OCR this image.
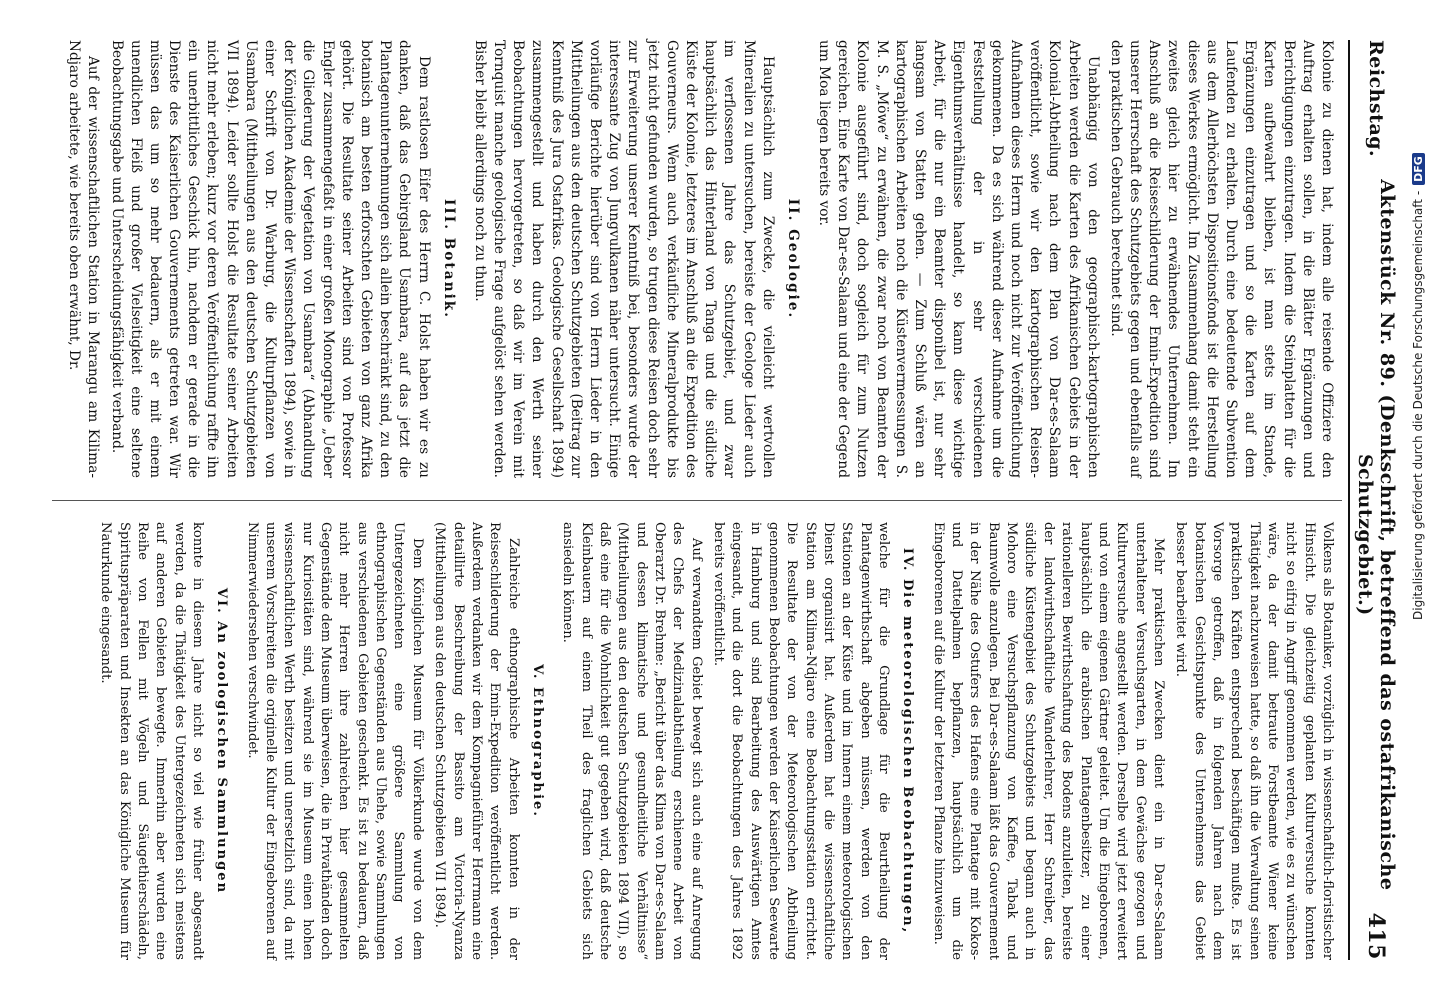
Reichstag.
Aktenstück Nr. 89. (Denkschrift, betreffend das ostafrikanische Schutzgebiet.)
415

Kolonie zu dienen hat, indem alle reisende Offiziere den Auftrag erhalten sollen, in die Blätter Ergänzungen und Berichtigungen einzutragen. Indem die Steinplatten für die Karten aufbewahrt bleiben, ist man stets im Stande, Ergänzungen einzutragen und so die Karten auf dem Laufenden zu erhalten. Durch eine bedeutende Subvention aus dem Allerhöchsten Dispositionsfonds ist die Herstellung dieses Werkes ermöglicht. Im Zusammenhang damit steht ein zweites gleich hier zu erwähnendes Unternehmen. Im Anschluß an die Reiseschilderung der Emin-Expedition sind unserer Herrschaft des Schutzgebiets gegen und ebenfalls auf den praktischen Gebrauch berechnet sind.

Unabhängig von den geographisch-kartographischen Arbeiten werden die Karten des Afrikanischen Gebiets in der Kolonial-Abtheilung nach dem Plan von Dar-es-Salaam veröffentlicht, sowie wir den kartographischen Reisen-Aufnahmen dieses Herrn und noch nicht zur Veröffentlichung gekommenen. Da es sich während dieser Aufnahme um die Feststellung der in sehr verschiedenen Eigenthumsverhältnisse handelt, so kann diese wichtige Arbeit, für die nur ein Beamter disponibel ist, nur sehr langsam von Statten gehen. — Zum Schluß wären an kartographischen Arbeiten noch die Küstenvermessungen S. M. S. „Möwe“ zu erwähnen, die zwar noch von Beamten der Kolonie ausgeführt sind, doch sogleich für zum Nutzen gereichen. Eine Karte von Dar-es-Salaam und eine der Gegend um Moa liegen bereits vor.

II. Geologie.

Hauptsächlich zum Zwecke, die vielleicht wertvollen Mineralien zu untersuchen, bereiste der Geologe Lieder auch im verflossenen Jahre das Schutzgebiet, und zwar hauptsächlich das Hinterland von Tanga und die südliche Küste der Kolonie, letzteres im Anschluß an die Expedition des Gouverneurs. Wenn auch verkäufliche Mineralprodukte bis jetzt nicht gefunden wurden, so trugen diese Reisen doch sehr zur Erweiterung unserer Kenntniß bei, besonders wurde der interessante Zug von Jungvulkanen näher untersucht. Einige vorläufige Berichte hierüber sind von Herrn Lieder in den Mittheilungen aus den deutschen Schutzgebieten (Beitrag zur Kenntniß des Jura Ostafrikas. Geologische Gesellschaft 1894) zusammengestellt und haben durch den Werth seiner Beobachtungen hervorgetreten, so daß wir im Verein mit Tornquist manche geologische Frage aufgelöst sehen werden. Bisher bleibt allerdings noch zu thun.

III. Botanik.

Dem rastlosen Eifer des Herrn C. Holst haben wir es zu danken, daß das Gebirgsland Usambara, auf das jetzt die Plantagenunternehmungen sich allein beschränkt sind, zu den botanisch am besten erforschten Gebieten von ganz Afrika gehört. Die Resultate seiner Arbeiten sind von Professor Engler zusammengefaßt in einer großen Monographie „Ueber die Gliederung der Vegetation von Usambara“ (Abhandlung der Königlichen Akademie der Wissenschaften 1894), sowie in einer Schrift von Dr. Warburg, die Kulturpflanzen von Usambara (Mittheilungen aus den deutschen Schutzgebieten VII 1894). Leider sollte Holst die Resultate seiner Arbeiten nicht mehr erleben; kurz vor deren Veröffentlichung raffte ihn ein unerbittliches Geschick hin, nachdem er gerade in die Dienste des Kaiserlichen Gouvernements getreten war. Wir müssen das um so mehr bedauern, als er mit einem unendlichen Fleiß und großer Vielseitigkeit eine seltene Beobachtungsgabe und Unterscheidungsfähigkeit verband.

Auf der wissenschaftlichen Station in Marangu am Kilima-Ndjaro arbeitete, wie bereits oben erwähnt, Dr.

Volkens als Botaniker, vorzüglich in wissenschaftlich-floristischer Hinsicht. Die gleichzeitig geplanten Kulturversuche konnten nicht so eifrig in Angriff genommen werden, wie es zu wünschen wäre, da der damit betraute Forstbeamte Wiener keine Thätigkeit nachzuweisen hatte, so daß ihn die Verwaltung seinen praktischen Kräften entsprechend beschäftigen mußte. Es ist Vorsorge getroffen, daß in folgenden Jahren nach dem botanischen Gesichtspunkte des Unternehmens das Gebiet besser bearbeitet wird.

Mehr praktischen Zwecken dient ein in Dar-es-Salaam unterhaltener Versuchsgarten, in dem Gewächse gezogen und Kulturversuche angestellt werden. Derselbe wird jetzt erweitert und von einem eigenen Gärtner geleitet. Um die Eingeborenen, hauptsächlich die arabischen Plantagenbesitzer, zu einer rationelleren Bewirthschaftung des Bodens anzuleiten, bereiste der landwirthschaftliche Wanderlehrer, Herr Schreiber, das südliche Küstengebiet des Schutzgebiets und begann auch in Mohoro eine Versuchspflanzung von Kaffee, Tabak und Baumwolle anzulegen. Bei Dar-es-Salaam läßt das Gouvernement in der Nähe des Ostufers des Hafens eine Plantage mit Kokos- und Dattelpalmen bepflanzen, hauptsächlich um die Eingeborenen auf die Kultur der letzteren Pflanze hinzuweisen.

IV. Die meteorologischen Beobachtungen,

welche für die Grundlage für die Beurtheilung der Plantagenwirthschaft abgeben müssen, werden von den Stationen an der Küste und im Innern einem meteorologischen Dienst organisirt hat. Außerdem hat die wissenschaftliche Station am Kilima-Ndjaro eine Beobachtungsstation errichtet. Die Resultate der von der Meteorologischen Abtheilung genommenen Beobachtungen werden der Kaiserlichen Seewarte in Hamburg und sind Bearbeitung des Auswärtigen Amtes eingesandt, und die dort die Beobachtungen des Jahres 1892 bereits veröffentlicht.

Auf verwandtem Gebiet bewegt sich auch eine auf Anregung des Chefs der Medizinalabtheilung erschienene Arbeit von Oberarzt Dr. Brehme: „Bericht über das Klima von Dar-es-Salaam und dessen klimatische und gesundheitliche Verhältnisse“ (Mittheilungen aus den deutschen Schutzgebieten 1894 VII), so daß eine für die Wohnlichkeit gut gegeben wird, daß deutsche Kleinbauern auf einem Theil des fraglichen Gebiets sich ansiedeln können.

V. Ethnographie.

Zahlreiche ethnographische Arbeiten konnten in der Reiseschilderung der Emin-Expedition veröffentlicht werden. Außerdem verdanken wir dem Kompagnieführer Herrmann eine detaillirte Beschreibung der Bassito am Victoria-Nyanza (Mittheilungen aus den deutschen Schutzgebieten VII 1894).

Dem Königlichen Museum für Völkerkunde wurde von dem Untergezeichneten eine größere Sammlung von ethnographischen Gegenständen aus Uhehe, sowie Sammlungen aus verschiedenen Gebieten geschenkt. Es ist zu bedauern, daß nicht mehr Herren ihre zahlreichen hier gesammelten Gegenstände dem Museum überweisen, die in Privathänden doch nur Kuriositäten sind, während sie im Museum einen hohen wissenschaftlichen Werth besitzen und unersetzlich sind, da mit unserem Vorschreiten die originelle Kultur der Eingeborenen auf Nimmerwiedersehen verschwindet.

VI. An zoologischen Sammlungen

konnte in diesem Jahre nicht so viel wie früher abgesandt werden, da die Thätigkeit des Untergezeichneten sich meistens auf anderen Gebieten bewegte. Immerhin aber wurden eine Reihe von Fellen mit Vögeln und Säugethierschädeln, Spirituspräparaten und Insekten an das Königliche Museum für Naturkunde eingesandt.	Digitalisierung gefördert durch die Deutsche Forschungsgemeinschaft -
DFG
